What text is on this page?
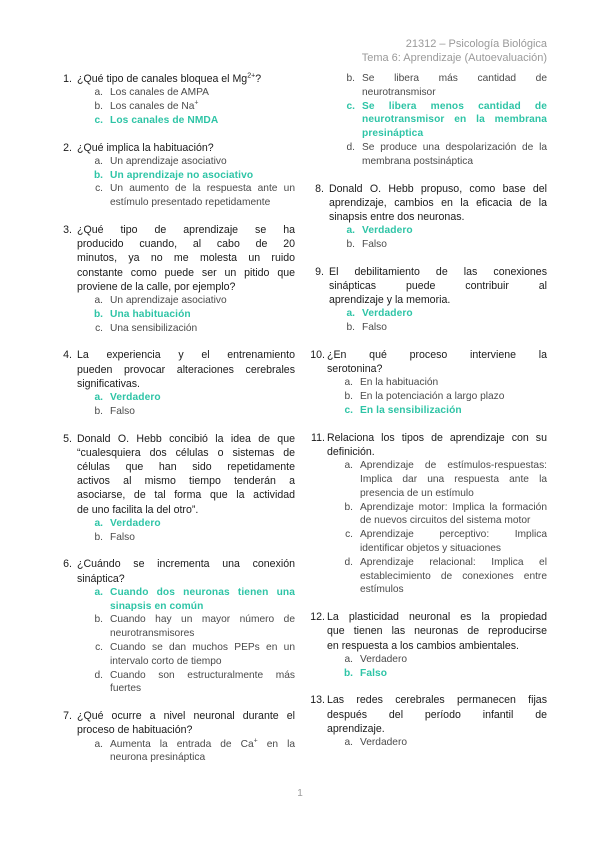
21312 – Psicología Biológica
Tema 6: Aprendizaje (Autoevaluación)
1. ¿Qué tipo de canales bloquea el $Mg^{2+}$?
a. Los canales de AMPA
b. Los canales de Na+
c. Los canales de NMDA
2. ¿Qué implica la habituación?
a. Un aprendizaje asociativo
b. Un aprendizaje no asociativo
c. Un aumento de la respuesta ante un estímulo presentado repetidamente
3. ¿Qué tipo de aprendizaje se ha
producido cuando, al cabo de 20
minutos, ya no me molesta un ruido
constante como puede ser un pitido que
proviene de la calle, por ejemplo?
a. Un aprendizaje asociativo
b. Una habituación
c. Una sensibilización
4. La experiencia y el entrenamiento
pueden provocar alteraciones cerebrales
significativas.
a. Verdadero
b. Falso
5. Donald O. Hebb concibió la idea de que
“cualesquiera dos células o sistemas de
células que han sido repetidamente
activos al mismo tiempo tenderán a
asociarse, de tal forma que la actividad
de uno facilita la del otro”.
a. Verdadero
b. Falso
6. ¿Cuándo se incrementa una conexión
sináptica?
a. Cuando dos neuronas tienen una sinapsis en común
b. Cuando hay un mayor número de neurotransmisores
c. Cuando se dan muchos PEPs en un intervalo corto de tiempo
d. Cuando son estructuralmente más fuertes
7. ¿Qué ocurre a nivel neuronal durante el
proceso de habituación?
a. Aumenta la entrada de Ca+ en la neurona presináptica
b. Se libera más cantidad de neurotransmisor
c. Se libera menos cantidad de neurotransmisor en la membrana presináptica
d. Se produce una despolarización de la membrana postsináptica
8. Donald O. Hebb propuso, como base del
aprendizaje, cambios en la eficacia de la
sinapsis entre dos neuronas.
a. Verdadero
b. Falso
9. El debilitamiento de las conexiones
sinápticas puede contribuir al
aprendizaje y la memoria.
a. Verdadero
b. Falso
10. ¿En qué proceso interviene la
serotonina?
a. En la habituación
b. En la potenciación a largo plazo
c. En la sensibilización
11. Relaciona los tipos de aprendizaje con su
definición.
a. Aprendizaje de estímulos-respuestas: Implica dar una respuesta ante la presencia de un estímulo
b. Aprendizaje motor: Implica la formación de nuevos circuitos del sistema motor
c. Aprendizaje perceptivo: Implica identificar objetos y situaciones
d. Aprendizaje relacional: Implica el establecimiento de conexiones entre estímulos
12. La plasticidad neuronal es la propiedad
que tienen las neuronas de reproducirse
en respuesta a los cambios ambientales.
a. Verdadero
b. Falso
13. Las redes cerebrales permanecen fijas
después del período infantil de
aprendizaje.
a. Verdadero
1
